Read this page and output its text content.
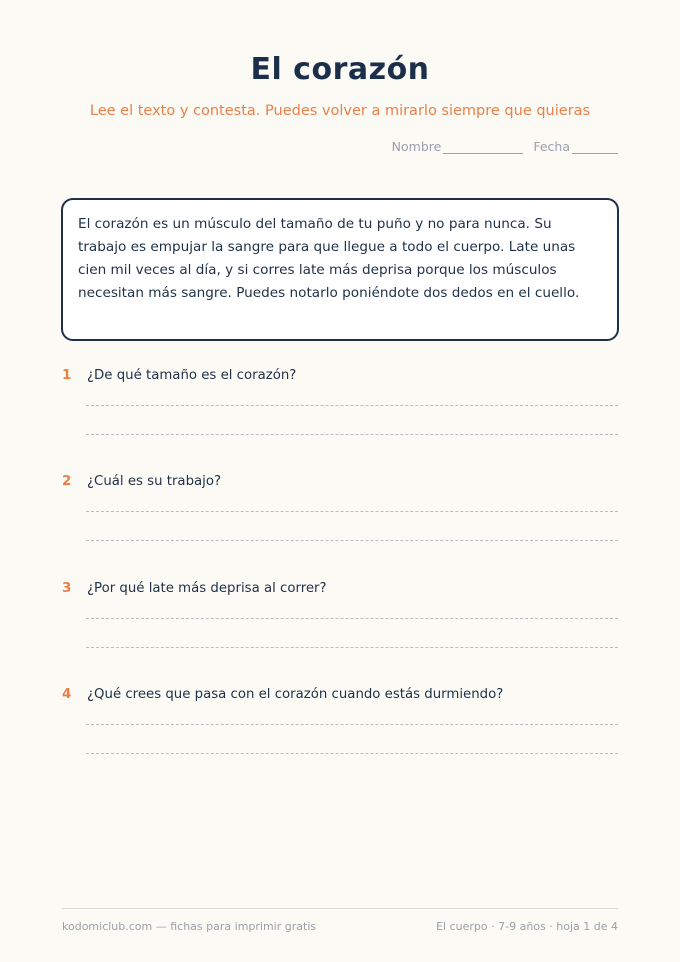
El corazón
Lee el texto y contesta. Puedes volver a mirarlo siempre que quieras
Nombre	Fecha
El corazón es un músculo del tamaño de tu puño y no para nunca. Su trabajo es empujar la sangre para que llegue a todo el cuerpo. Late unas cien mil veces al día, y si corres late más deprisa porque los músculos necesitan más sangre. Puedes notarlo poniéndote dos dedos en el cuello.
1	¿De qué tamaño es el corazón?
2	¿Cuál es su trabajo?
3	¿Por qué late más deprisa al correr?
4	¿Qué crees que pasa con el corazón cuando estás durmiendo?
kodomiclub.com — fichas para imprimir gratis	El cuerpo · 7-9 años · hoja 1 de 4
